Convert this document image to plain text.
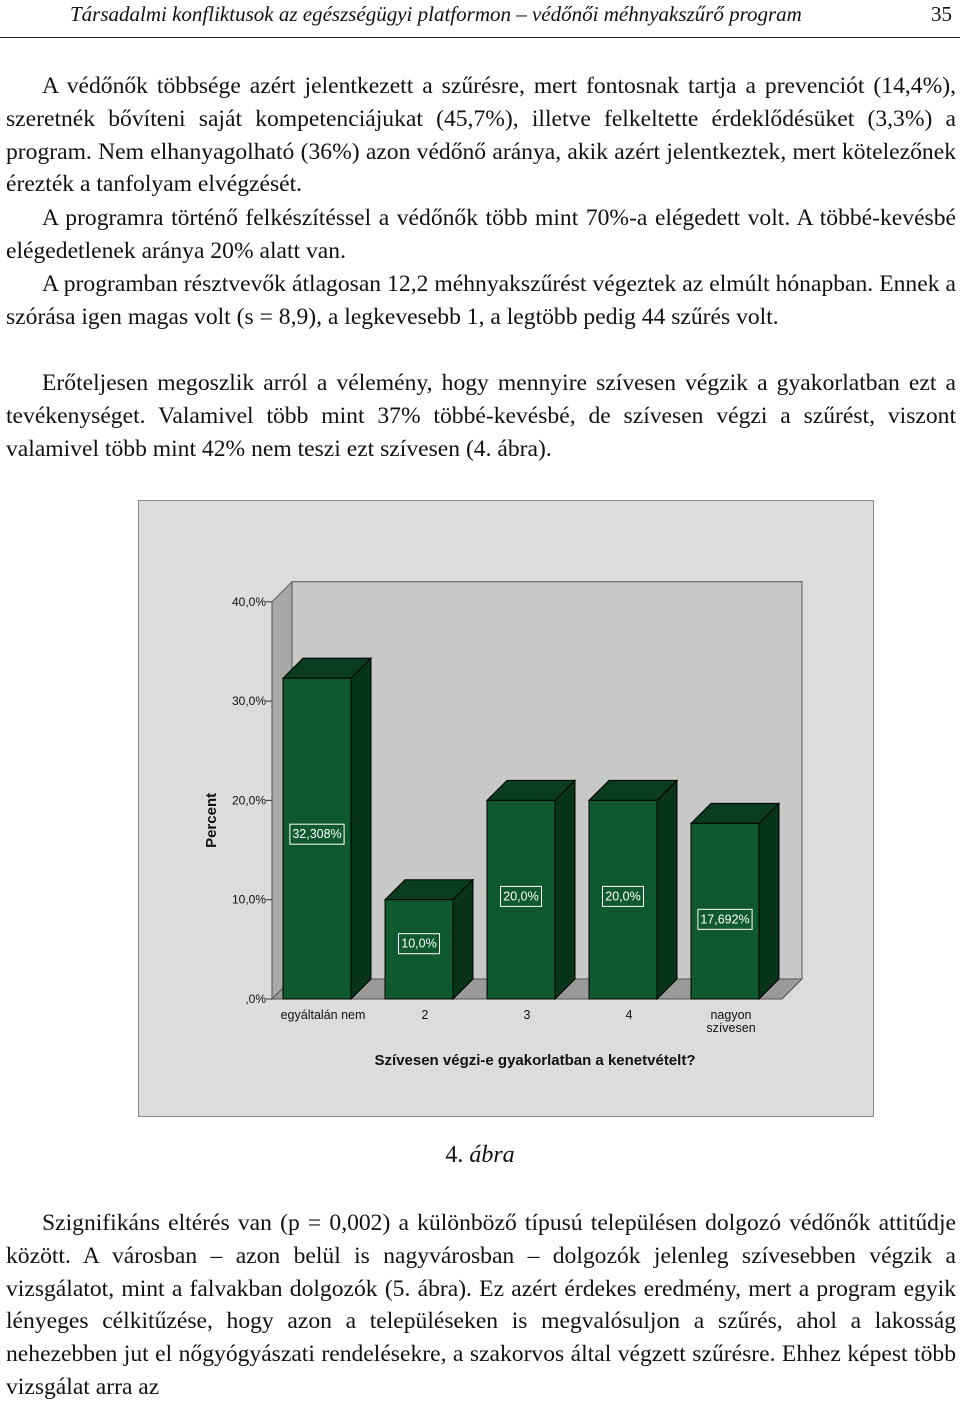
Társadalmi konfliktusok az egészségügyi platformon – védőnői méhnyakszűrő program	35

A védőnők többsége azért jelentkezett a szűrésre, mert fontosnak tartja a prevenciót (14,4%), szeretnék bővíteni saját kompetenciájukat (45,7%), illetve felkeltette érdeklődésüket (3,3%) a program. Nem elhanyagolható (36%) azon védőnő aránya, akik azért jelentkeztek, mert kötelezőnek érezték a tanfolyam elvégzését.

A programra történő felkészítéssel a védőnők több mint 70%-a elégedett volt. A többé-kevésbé elégedetlenek aránya 20% alatt van.

A programban résztvevők átlagosan 12,2 méhnyakszűrést végeztek az elmúlt hónapban. Ennek a szórása igen magas volt (s = 8,9), a legkevesebb 1, a legtöbb pedig 44 szűrés volt.

Erőteljesen megoszlik arról a vélemény, hogy mennyire szívesen végzik a gyakorlatban ezt a tevékenységet. Valamivel több mint 37% többé-kevésbé, de szívesen végzi a szűrést, viszont valamivel több mint 42% nem teszi ezt szívesen (4. ábra).

,0%
10,0%
20,0%
30,0%
40,0%
Percent	32,308%
egyáltalán nem
10,0%
2
20,0%
3
20,0%
4
17,692%
nagyon
szívesen
Szívesen végzi-e gyakorlatban a kenetvételt?
4. ábra

Szignifikáns eltérés van (p = 0,002) a különböző típusú településen dolgozó védőnők attitűdje között. A városban – azon belül is nagyvárosban – dolgozók jelenleg szívesebben végzik a vizsgálatot, mint a falvakban dolgozók (5. ábra). Ez azért érdekes eredmény, mert a program egyik lényeges célkitűzése, hogy azon a településeken is megvalósuljon a szűrés, ahol a lakosság nehezebben jut el nőgyógyászati rendelésekre, a szakorvos által végzett szűrésre. Ehhez képest több vizsgálat arra az
